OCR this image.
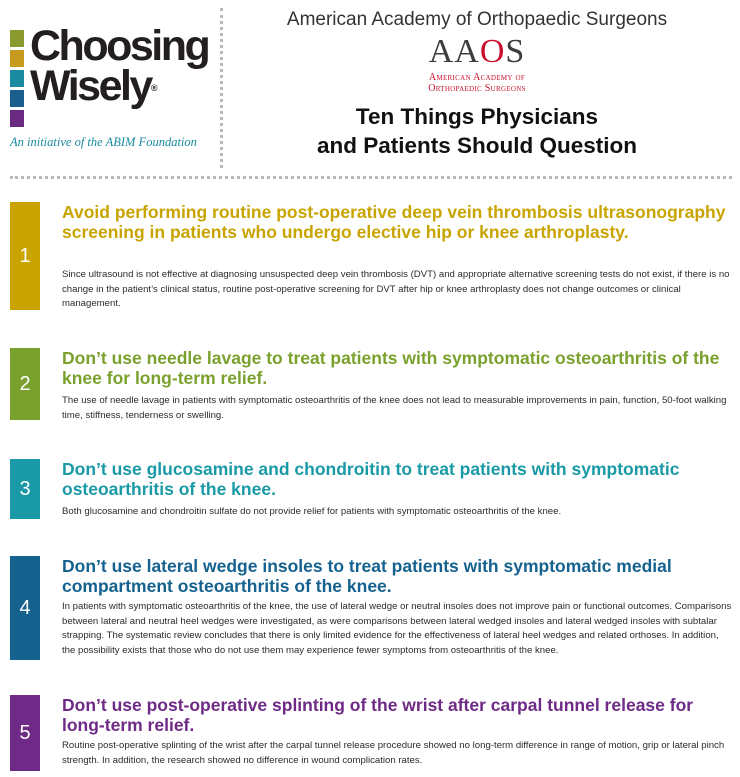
Choosing
Wisely®
An initiative of the ABIM Foundation
American Academy of Orthopaedic Surgeons
AAOS
American Academy of
Orthopaedic Surgeons
Ten Things Physicians
and Patients Should Question
1
Avoid performing routine post-operative deep vein thrombosis ultrasonography screening in patients who undergo elective hip or knee arthroplasty.

Since ultrasound is not effective at diagnosing unsuspected deep vein thrombosis (DVT) and appropriate alternative screening tests do not exist, if there is no change in the patient’s clinical status, routine post-operative screening for DVT after hip or knee arthroplasty does not change outcomes or clinical management.

2
Don’t use needle lavage to treat patients with symptomatic osteoarthritis of the knee for long-term relief.

The use of needle lavage in patients with symptomatic osteoarthritis of the knee does not lead to measurable improvements in pain, function, 50-foot walking time, stiffness, tenderness or swelling.

3
Don’t use glucosamine and chondroitin to treat patients with symptomatic osteoarthritis of the knee.

Both glucosamine and chondroitin sulfate do not provide relief for patients with symptomatic osteoarthritis of the knee.

4
Don’t use lateral wedge insoles to treat patients with symptomatic medial compartment osteoarthritis of the knee.

In patients with symptomatic osteoarthritis of the knee, the use of lateral wedge or neutral insoles does not improve pain or functional outcomes. Comparisons between lateral and neutral heel wedges were investigated, as were comparisons between lateral wedged insoles and lateral wedged insoles with subtalar strapping. The systematic review concludes that there is only limited evidence for the effectiveness of lateral heel wedges and related orthoses. In addition, the possibility exists that those who do not use them may experience fewer symptoms from osteoarthritis of the knee.

5
Don’t use post-operative splinting of the wrist after carpal tunnel release for long-term relief.

Routine post-operative splinting of the wrist after the carpal tunnel release procedure showed no long-term difference in range of motion, grip or lateral pinch strength. In addition, the research showed no difference in wound complication rates.
